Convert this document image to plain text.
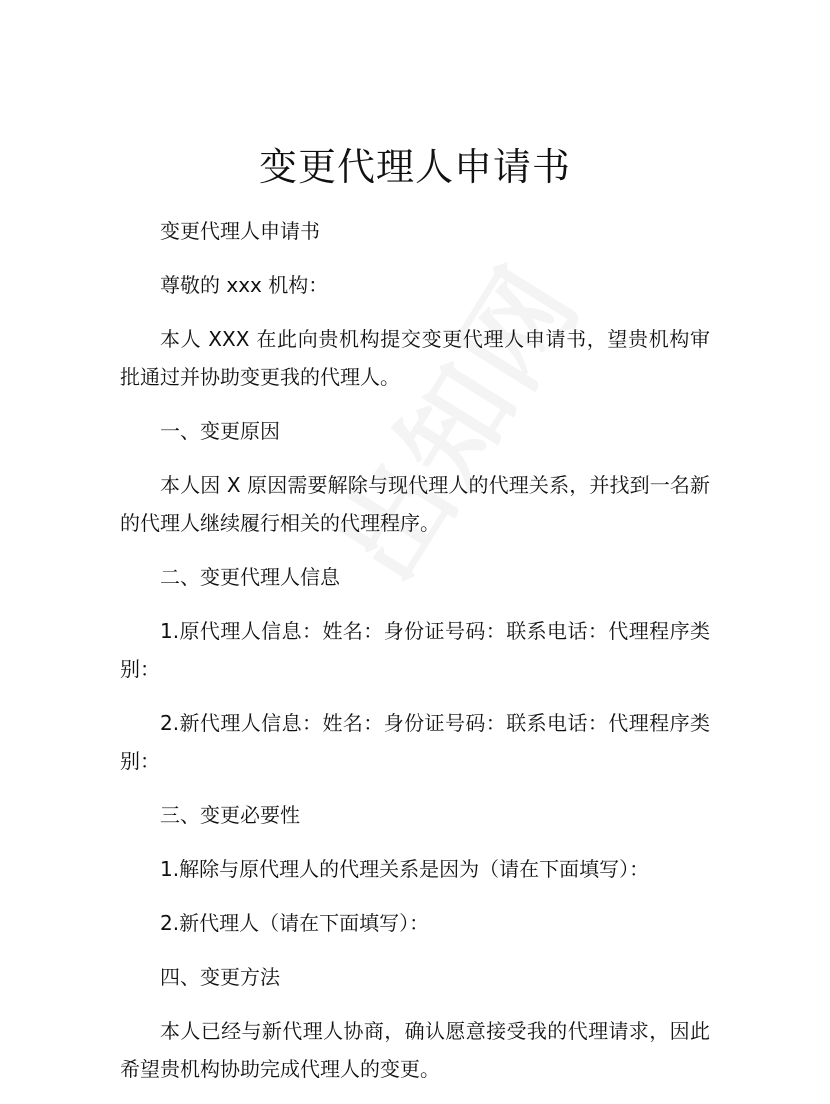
变更代理人申请书

变更代理人申请书

尊敬的 xxx 机构：

本人 XXX 在此向贵机构提交变更代理人申请书，望贵机构审批通过并协助变更我的代理人。

一、变更原因

本人因 X 原因需要解除与现代理人的代理关系，并找到一名新的代理人继续履行相关的代理程序。

二、变更代理人信息

1.原代理人信息：姓名：身份证号码：联系电话：代理程序类别：

2.新代理人信息：姓名：身份证号码：联系电话：代理程序类别：

三、变更必要性

1.解除与原代理人的代理关系是因为（请在下面填写）：

2.新代理人（请在下面填写）：

四、变更方法

本人已经与新代理人协商，确认愿意接受我的代理请求，因此希望贵机构协助完成代理人的变更。
